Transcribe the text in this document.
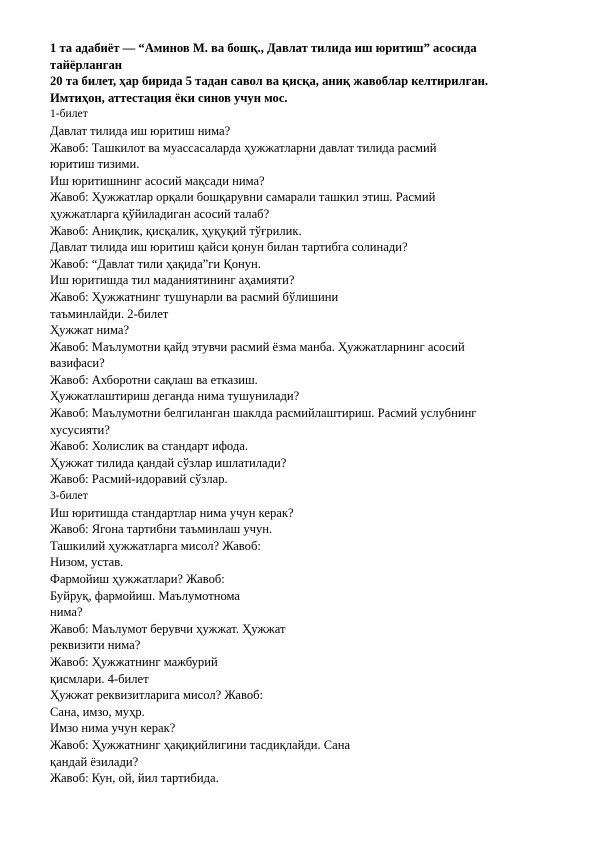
1 та адабиёт — “Аминов М. ва бошқ., Давлат тилида иш юритиш” асосида

тайёрланган

20 та билет, ҳар бирида 5 тадан савол ва қисқа, аниқ жавоблар келтирилган.

Имтиҳон, аттестация ёки синов учун мос.

1-билет

Давлат тилида иш юритиш нима?

Жавоб: Ташкилот ва муассасаларда ҳужжатларни давлат тилида расмий

юритиш тизими.

Иш юритишнинг асосий мақсади нима?

Жавоб: Ҳужжатлар орқали бошқарувни самарали ташкил этиш. Расмий

ҳужжатларга қўйиладиган асосий талаб?

Жавоб: Аниқлик, қисқалик, ҳуқуқий тўғрилик.

Давлат тилида иш юритиш қайси қонун билан тартибга солинади?

Жавоб: “Давлат тили ҳақида”ги Қонун.

Иш юритишда тил маданиятининг аҳамияти?

Жавоб: Ҳужжатнинг тушунарли ва расмий бўлишини

таъминлайди. 2-билет

Ҳужжат нима?

Жавоб: Маълумотни қайд этувчи расмий ёзма манба. Ҳужжатларнинг асосий

вазифаси?

Жавоб: Ахборотни сақлаш ва етказиш.

Ҳужжатлаштириш деганда нима тушунилади?

Жавоб: Маълумотни белгиланган шаклда расмийлаштириш. Расмий услубнинг

хусусияти?

Жавоб: Холислик ва стандарт ифода.

Ҳужжат тилида қандай сўзлар ишлатилади?

Жавоб: Расмий-идоравий сўзлар.

3-билет

Иш юритишда стандартлар нима учун керак?

Жавоб: Ягона тартибни таъминлаш учун.

Ташкилий ҳужжатларга мисол? Жавоб:

Низом, устав.

Фармойиш ҳужжатлари? Жавоб:

Буйруқ, фармойиш. Маълумотнома

нима?

Жавоб: Маълумот берувчи ҳужжат. Ҳужжат

реквизити нима?

Жавоб: Ҳужжатнинг мажбурий

қисмлари. 4-билет

Ҳужжат реквизитларига мисол? Жавоб:

Сана, имзо, муҳр.

Имзо нима учун керак?

Жавоб: Ҳужжатнинг ҳақиқийлигини тасдиқлайди. Сана

қандай ёзилади?

Жавоб: Кун, ой, йил тартибида.
